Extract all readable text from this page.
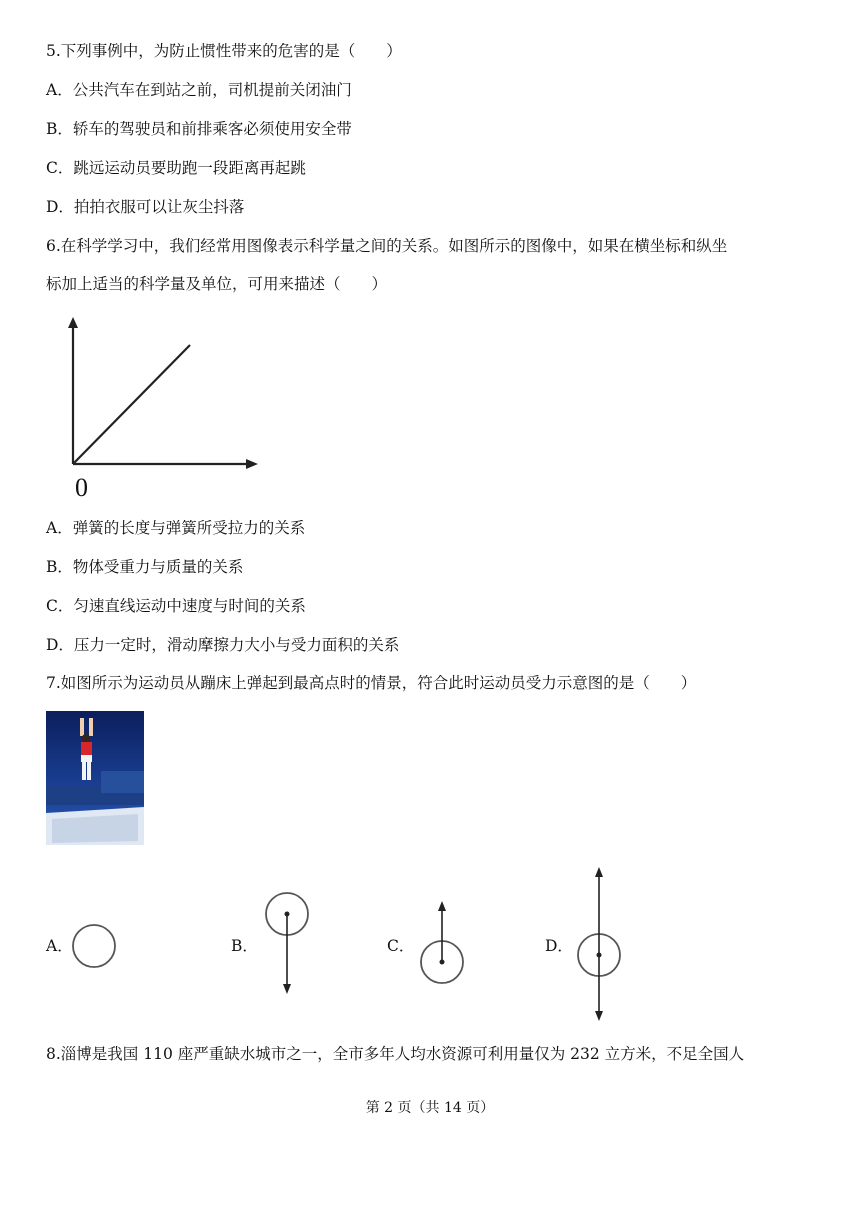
5.下列事例中，为防止惯性带来的危害的是（　　）
A．公共汽车在到站之前，司机提前关闭油门
B．轿车的驾驶员和前排乘客必须使用安全带
C．跳远运动员要助跑一段距离再起跳
D．拍拍衣服可以让灰尘抖落
6.在科学学习中，我们经常用图像表示科学量之间的关系。如图所示的图像中，如果在横坐标和纵坐
标加上适当的科学量及单位，可用来描述（　　）
0
A．弹簧的长度与弹簧所受拉力的关系
B．物体受重力与质量的关系
C．匀速直线运动中速度与时间的关系
D．压力一定时，滑动摩擦力大小与受力面积的关系
7.如图所示为运动员从蹦床上弹起到最高点时的情景，符合此时运动员受力示意图的是（　　）
A．	B．	C．	D．
8.淄博是我国 110 座严重缺水城市之一，全市多年人均水资源可利用量仅为 232 立方米，不足全国人
第 2 页（共 14 页）
